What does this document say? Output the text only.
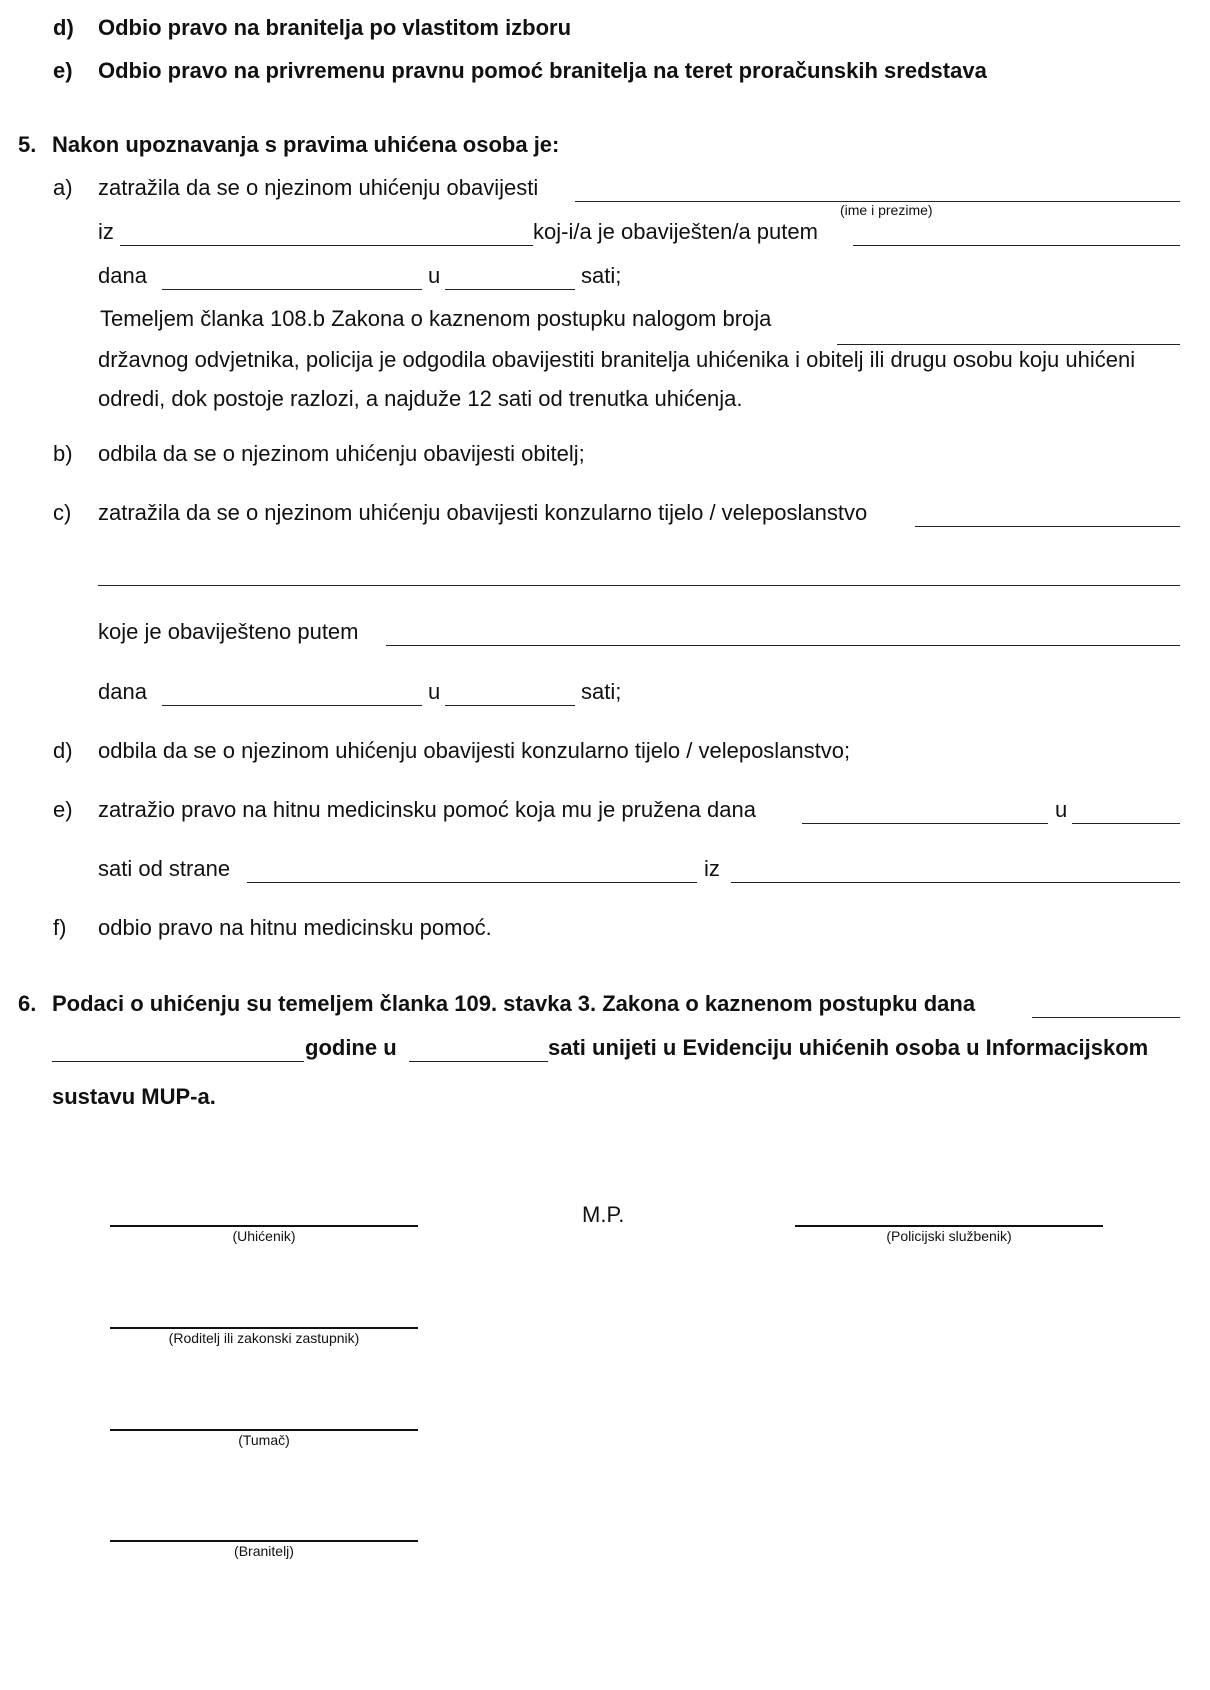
d) Odbio pravo na branitelja po vlastitom izboru
e) Odbio pravo na privremenu pravnu pomoć branitelja na teret proračunskih sredstava
5. Nakon upoznavanja s pravima uhićena osoba je:
a) zatražila da se o njezinom uhićenju obavijesti
(ime i prezime)
iz	koj-i/a je obaviješten/a putem
dana	u	sati;
Temeljem članka 108.b Zakona o kaznenom postupku nalogom broja
državnog odvjetnika, policija je odgodila obavijestiti branitelja uhićenika i obitelj ili drugu osobu koju uhićeni
odredi, dok postoje razlozi, a najduže 12 sati od trenutka uhićenja.
b) odbila da se o njezinom uhićenju obavijesti obitelj;
c) zatražila da se o njezinom uhićenju obavijesti konzularno tijelo / veleposlanstvo
koje je obaviješteno putem
dana	u	sati;
d) odbila da se o njezinom uhićenju obavijesti konzularno tijelo / veleposlanstvo;
e) zatražio pravo na hitnu medicinsku pomoć koja mu je pružena dana	u
sati od strane	iz
f) odbio pravo na hitnu medicinsku pomoć.
6. Podaci o uhićenju su temeljem članka 109. stavka 3. Zakona o kaznenom postupku dana
godine u	sati unijeti u Evidenciju uhićenih osoba u Informacijskom
sustavu MUP-a.
(Uhićenik)
M.P.
(Policijski službenik)
(Roditelj ili zakonski zastupnik)
(Tumač)
(Branitelj)
